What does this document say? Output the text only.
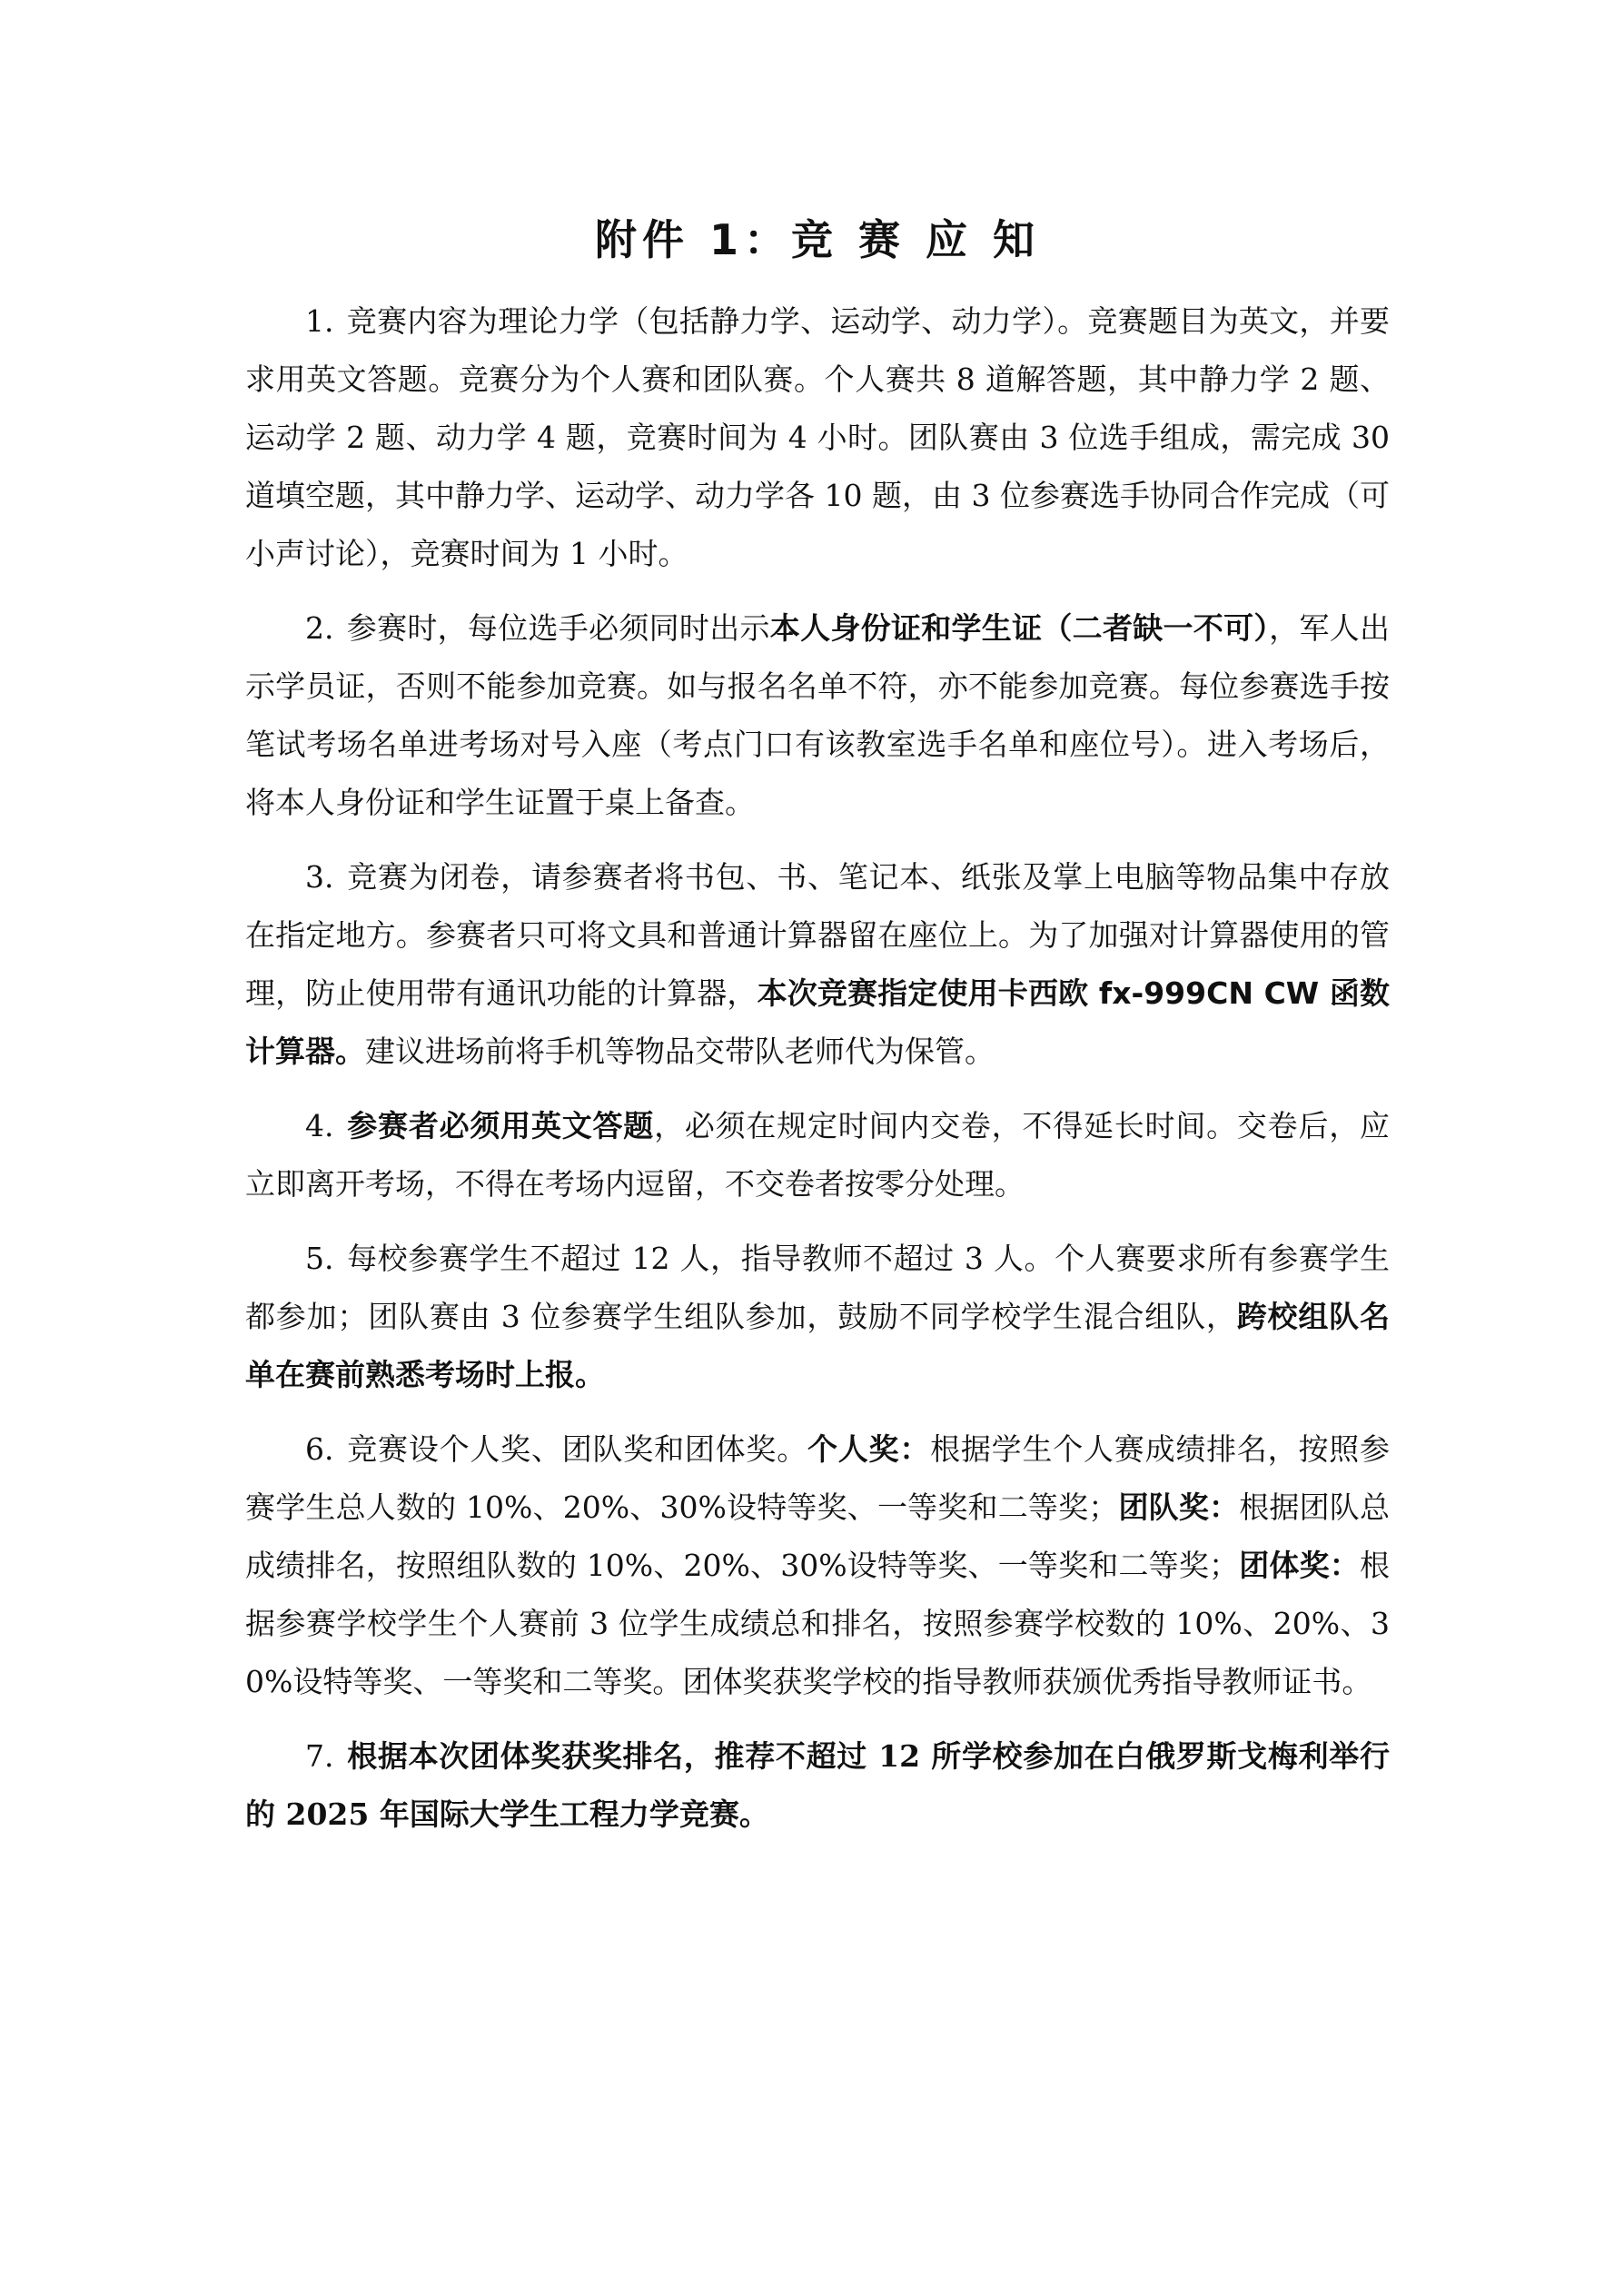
附件 1：竞 赛 应 知

1. 竞赛内容为理论力学（包括静力学、运动学、动力学）。竞赛题目为英文，并要求用英文答题。竞赛分为个人赛和团队赛。个人赛共 8 道解答题，其中静力学 2 题、运动学 2 题、动力学 4 题，竞赛时间为 4 小时。团队赛由 3 位选手组成，需完成 30 道填空题，其中静力学、运动学、动力学各 10 题，由 3 位参赛选手协同合作完成（可小声讨论），竞赛时间为 1 小时。

2. 参赛时，每位选手必须同时出示本人身份证和学生证（二者缺一不可），军人出示学员证，否则不能参加竞赛。如与报名名单不符，亦不能参加竞赛。每位参赛选手按笔试考场名单进考场对号入座（考点门口有该教室选手名单和座位号）。进入考场后，将本人身份证和学生证置于桌上备查。

3. 竞赛为闭卷，请参赛者将书包、书、笔记本、纸张及掌上电脑等物品集中存放在指定地方。参赛者只可将文具和普通计算器留在座位上。为了加强对计算器使用的管理，防止使用带有通讯功能的计算器，本次竞赛指定使用卡西欧 fx-999CN CW 函数计算器。建议进场前将手机等物品交带队老师代为保管。

4. 参赛者必须用英文答题，必须在规定时间内交卷，不得延长时间。交卷后，应立即离开考场，不得在考场内逗留，不交卷者按零分处理。

5. 每校参赛学生不超过 12 人，指导教师不超过 3 人。个人赛要求所有参赛学生都参加；团队赛由 3 位参赛学生组队参加，鼓励不同学校学生混合组队，跨校组队名单在赛前熟悉考场时上报。

6. 竞赛设个人奖、团队奖和团体奖。个人奖：根据学生个人赛成绩排名，按照参赛学生总人数的 10%、20%、30%设特等奖、一等奖和二等奖；团队奖：根据团队总成绩排名，按照组队数的 10%、20%、30%设特等奖、一等奖和二等奖；团体奖：根据参赛学校学生个人赛前 3 位学生成绩总和排名，按照参赛学校数的 10%、20%、30%设特等奖、一等奖和二等奖。团体奖获奖学校的指导教师获颁优秀指导教师证书。

7. 根据本次团体奖获奖排名，推荐不超过 12 所学校参加在白俄罗斯戈梅利举行的 2025 年国际大学生工程力学竞赛。
